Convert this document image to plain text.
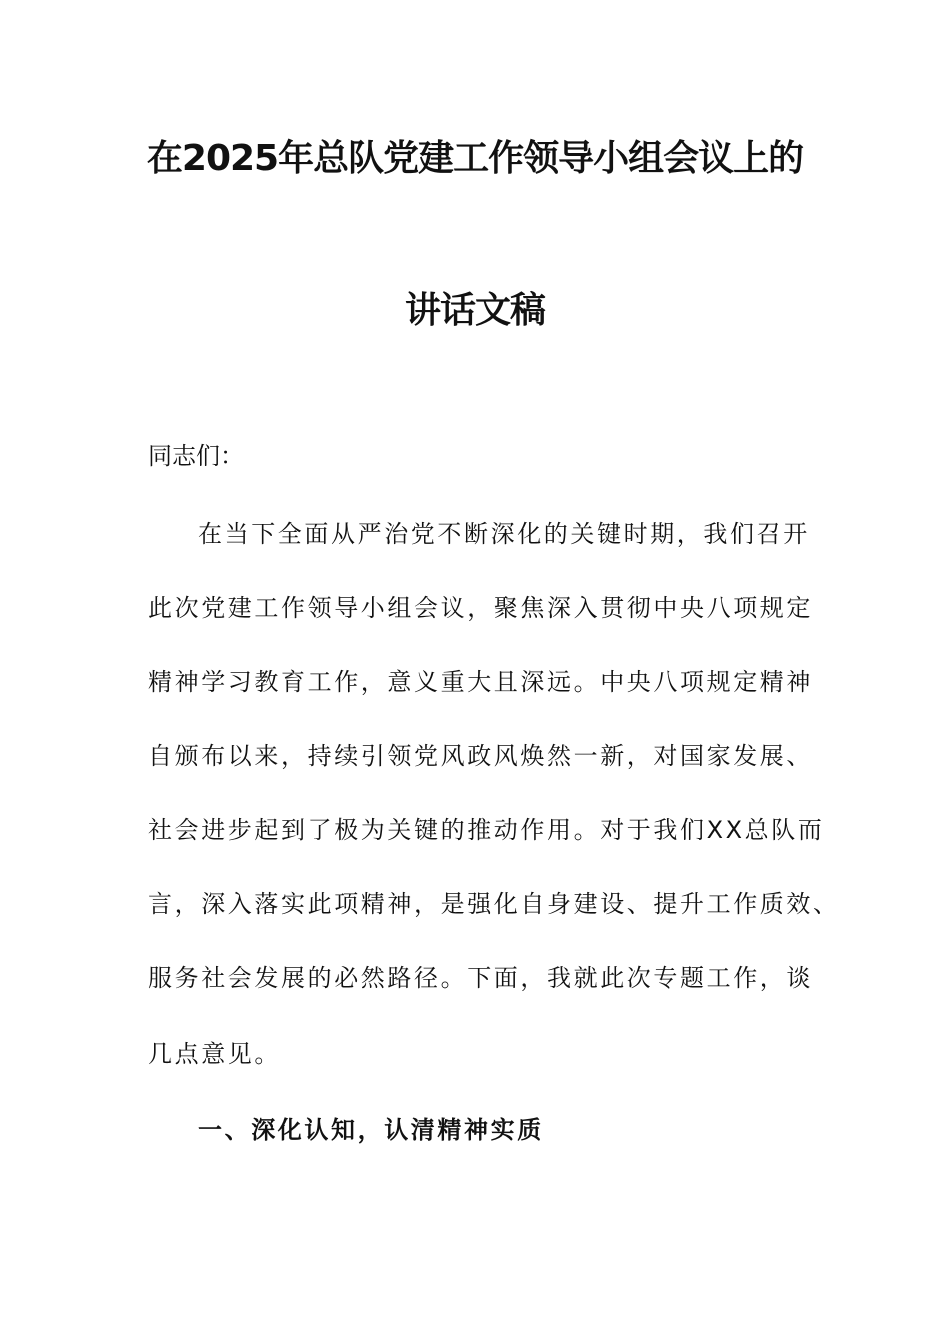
在2025年总队党建工作领导小组会议上的
讲话文稿
同志们：
在当下全面从严治党不断深化的关键时期，我们召开
此次党建工作领导小组会议，聚焦深入贯彻中央八项规定
精神学习教育工作，意义重大且深远。中央八项规定精神
自颁布以来，持续引领党风政风焕然一新，对国家发展、
社会进步起到了极为关键的推动作用。对于我们XX总队而
言，深入落实此项精神，是强化自身建设、提升工作质效、
服务社会发展的必然路径。下面，我就此次专题工作，谈
几点意见。
一、深化认知，认清精神实质
